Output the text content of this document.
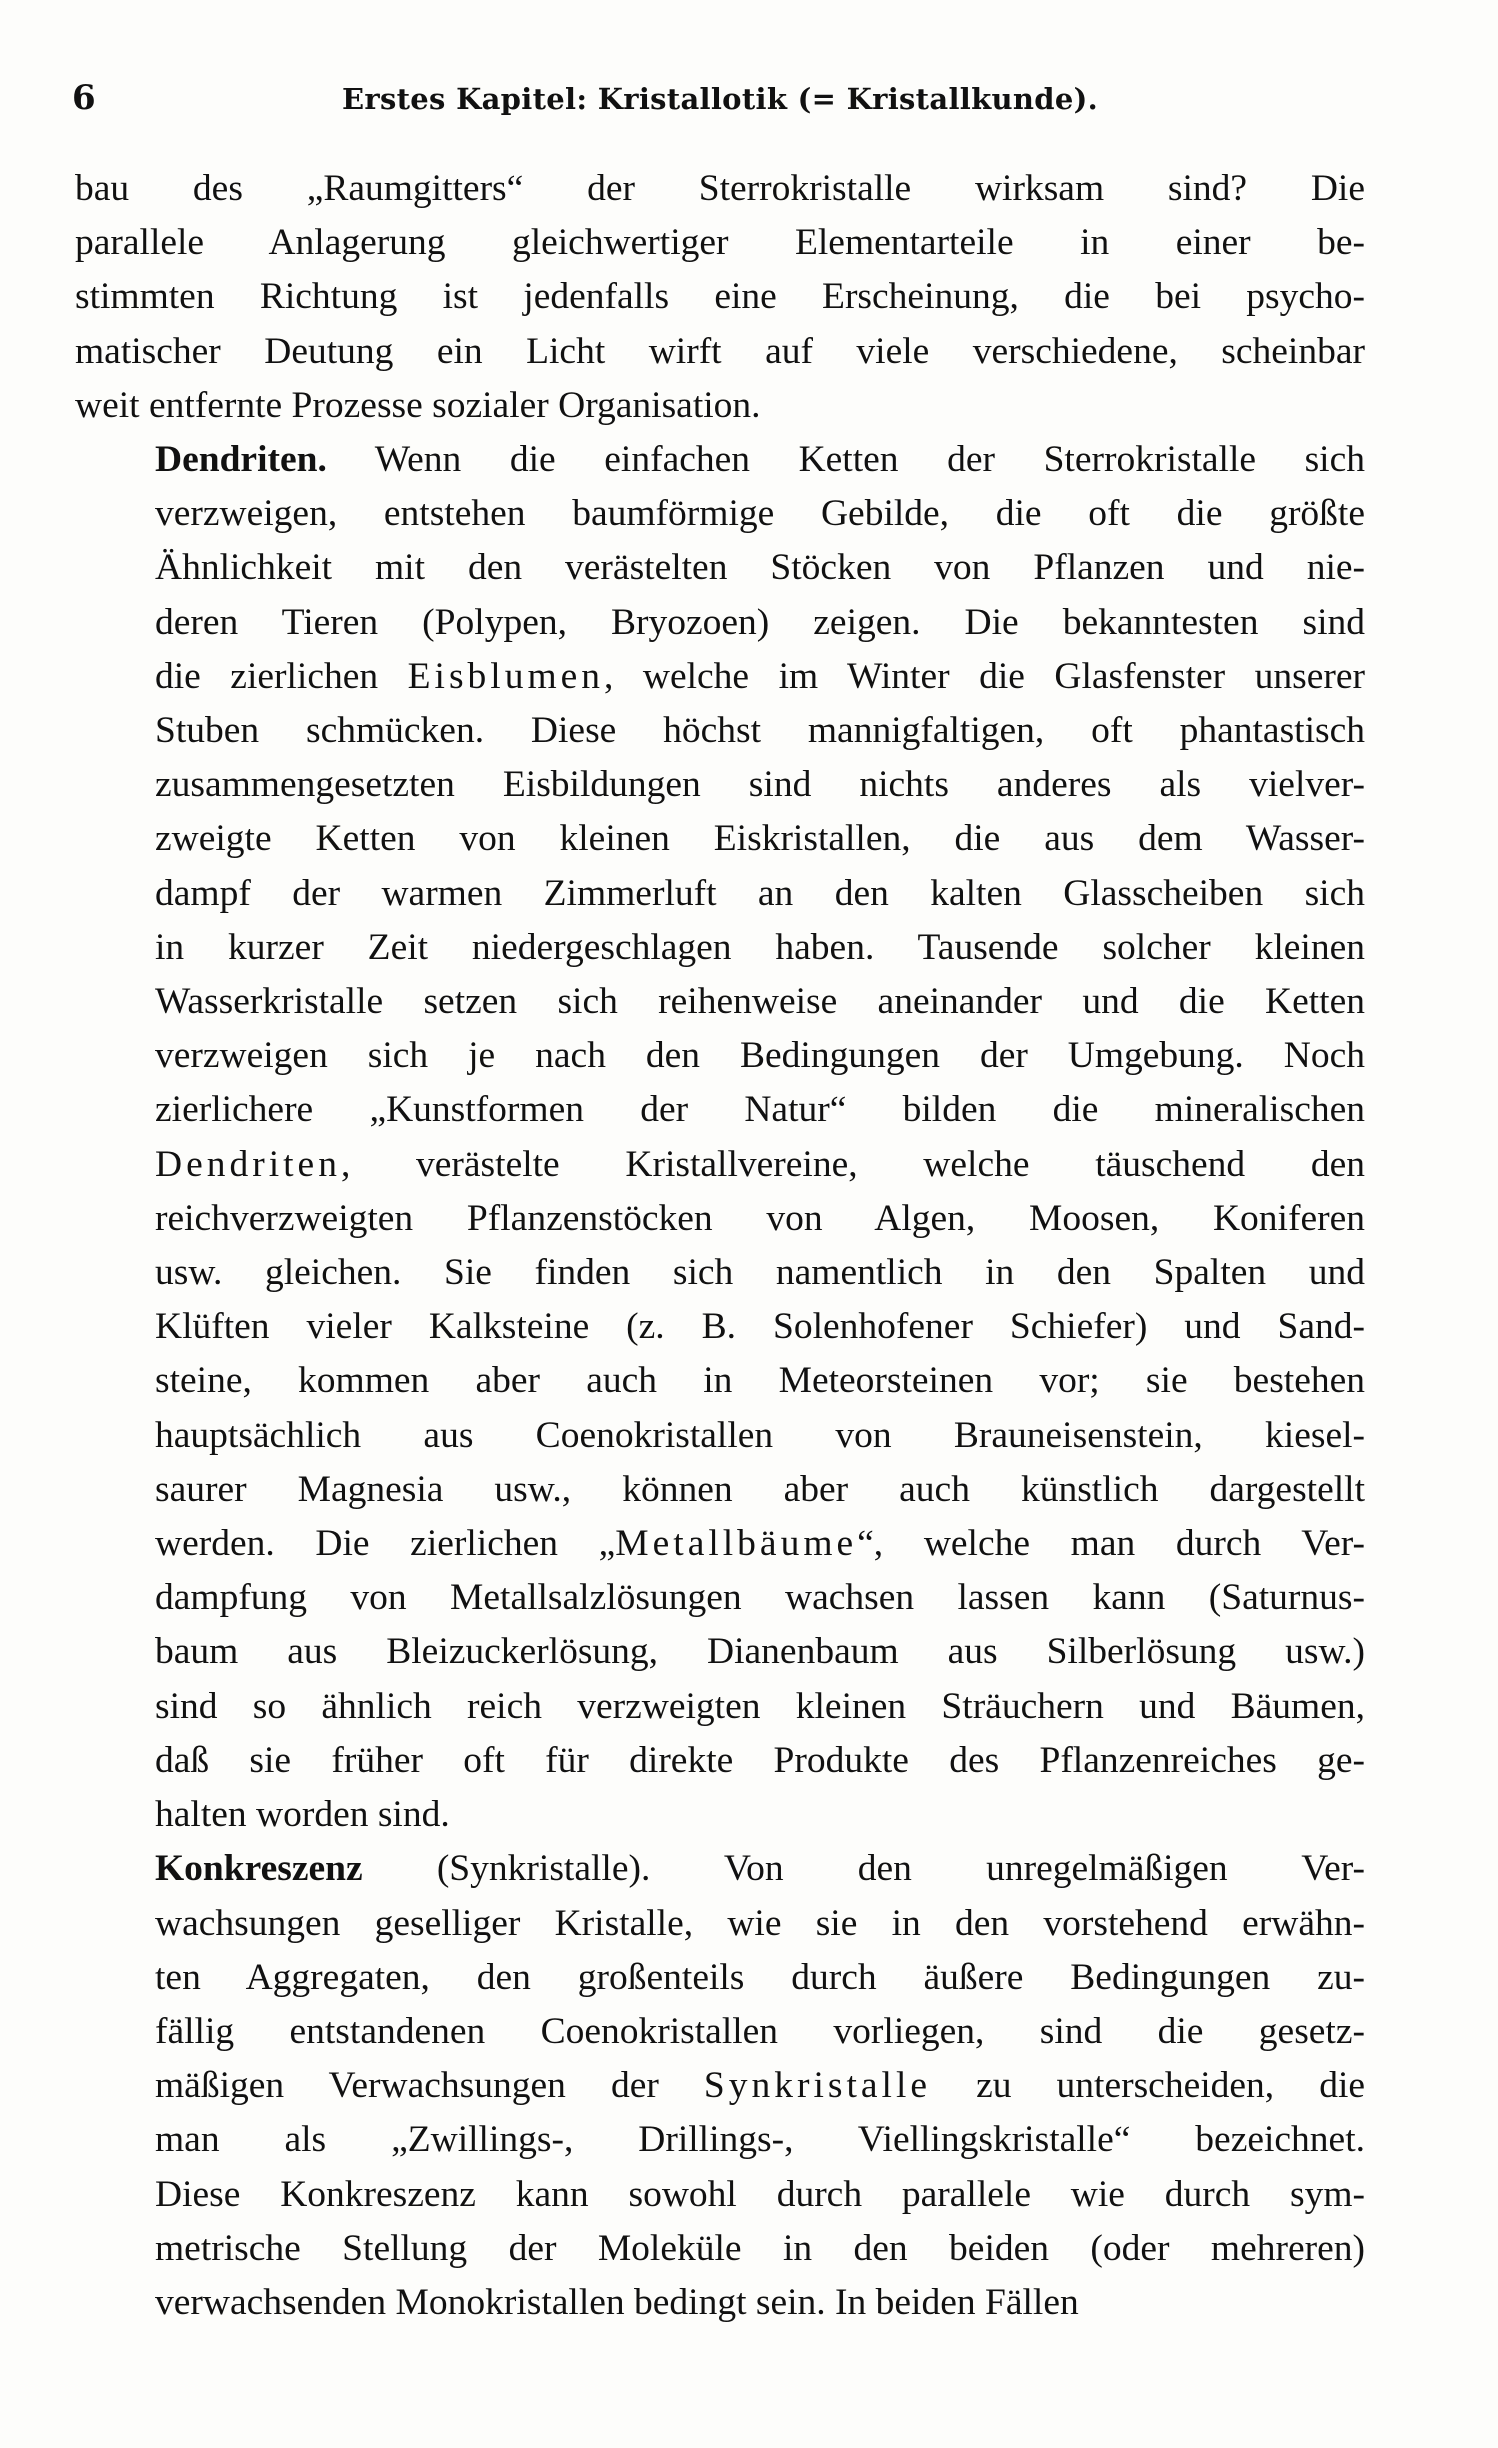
6	Erstes Kapitel: Kristallotik (= Kristallkunde).

bau des „Raumgitters“ der Sterrokristalle wirksam sind? Die
parallele Anlagerung gleichwertiger Elementarteile in einer be-
stimmten Richtung ist jedenfalls eine Erscheinung, die bei psycho-
matischer Deutung ein Licht wirft auf viele verschiedene, scheinbar
weit entfernte Prozesse sozialer Organisation.

Dendriten. Wenn die einfachen Ketten der Sterrokristalle sich
verzweigen, entstehen baumförmige Gebilde, die oft die größte
Ähnlichkeit mit den verästelten Stöcken von Pflanzen und nie-
deren Tieren (Polypen, Bryozoen) zeigen. Die bekanntesten sind
die zierlichen Eisblumen, welche im Winter die Glasfenster unserer
Stuben schmücken. Diese höchst mannigfaltigen, oft phantastisch
zusammengesetzten Eisbildungen sind nichts anderes als vielver-
zweigte Ketten von kleinen Eiskristallen, die aus dem Wasser-
dampf der warmen Zimmerluft an den kalten Glasscheiben sich
in kurzer Zeit niedergeschlagen haben. Tausende solcher kleinen
Wasserkristalle setzen sich reihenweise aneinander und die Ketten
verzweigen sich je nach den Bedingungen der Umgebung. Noch
zierlichere „Kunstformen der Natur“ bilden die mineralischen
Dendriten, verästelte Kristallvereine, welche täuschend den
reichverzweigten Pflanzenstöcken von Algen, Moosen, Koniferen
usw. gleichen. Sie finden sich namentlich in den Spalten und
Klüften vieler Kalksteine (z. B. Solenhofener Schiefer) und Sand-
steine, kommen aber auch in Meteorsteinen vor; sie bestehen
hauptsächlich aus Coenokristallen von Brauneisenstein, kiesel-
saurer Magnesia usw., können aber auch künstlich dargestellt
werden. Die zierlichen „Metallbäume“, welche man durch Ver-
dampfung von Metallsalzlösungen wachsen lassen kann (Saturnus-
baum aus Bleizuckerlösung, Dianenbaum aus Silberlösung usw.)
sind so ähnlich reich verzweigten kleinen Sträuchern und Bäumen,
daß sie früher oft für direkte Produkte des Pflanzenreiches ge-
halten worden sind.

Konkreszenz (Synkristalle). Von den unregelmäßigen Ver-
wachsungen geselliger Kristalle, wie sie in den vorstehend erwähn-
ten Aggregaten, den großenteils durch äußere Bedingungen zu-
fällig entstandenen Coenokristallen vorliegen, sind die gesetz-
mäßigen Verwachsungen der Synkristalle zu unterscheiden, die
man als „Zwillings-, Drillings-, Viellingskristalle“ bezeichnet.
Diese Konkreszenz kann sowohl durch parallele wie durch sym-
metrische Stellung der Moleküle in den beiden (oder mehreren)
verwachsenden Monokristallen bedingt sein. In beiden Fällen
